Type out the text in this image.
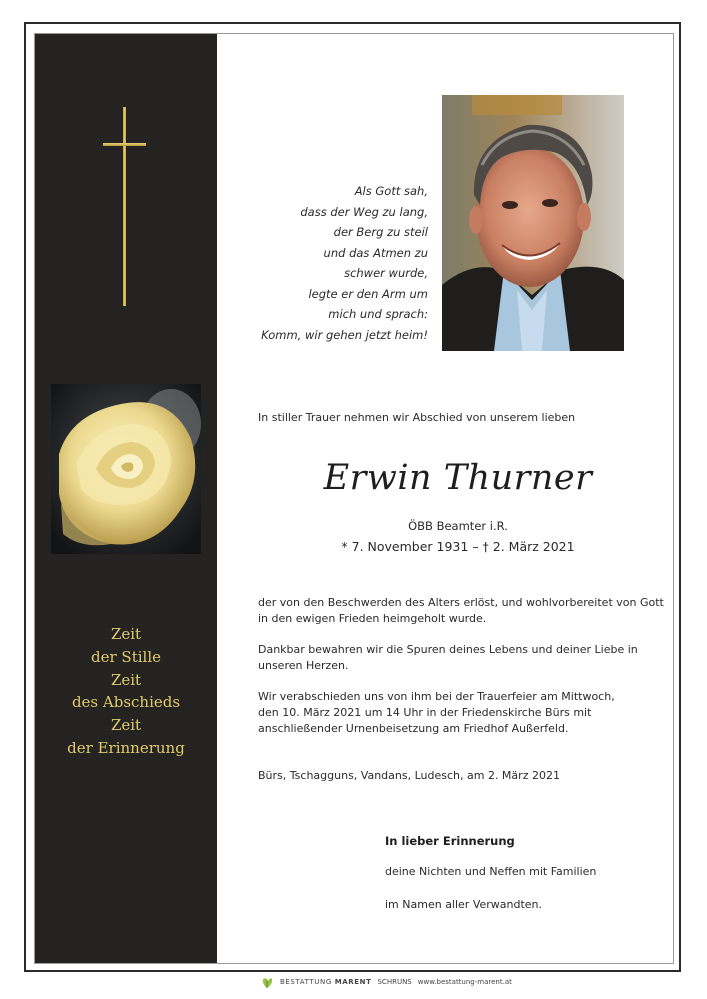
Zeit
der Stille
Zeit
des Abschieds
Zeit
der Erinnerung
Als Gott sah,
dass der Weg zu lang,
der Berg zu steil
und das Atmen zu
schwer wurde,
legte er den Arm um
mich und sprach:
Komm, wir gehen jetzt heim!
In stiller Trauer nehmen wir Abschied von unserem lieben
Erwin Thurner
ÖBB Beamter i.R.
* 7. November 1931 – † 2. März 2021
der von den Beschwerden des Alters erlöst, und wohlvorbereitet von Gott
in den ewigen Frieden heimgeholt wurde.
Dankbar bewahren wir die Spuren deines Lebens und deiner Liebe in
unseren Herzen.
Wir verabschieden uns von ihm bei der Trauerfeier am Mittwoch,
den 10. März 2021 um 14 Uhr in der Friedenskirche Bürs mit
anschließender Urnenbeisetzung am Friedhof Außerfeld.
Bürs, Tschagguns, Vandans, Ludesch, am 2. März 2021
In lieber Erinnerung
deine Nichten und Neffen mit Familien
im Namen aller Verwandten.
BESTATTUNG MARENT SCHRUNS www.bestattung-marent.at
